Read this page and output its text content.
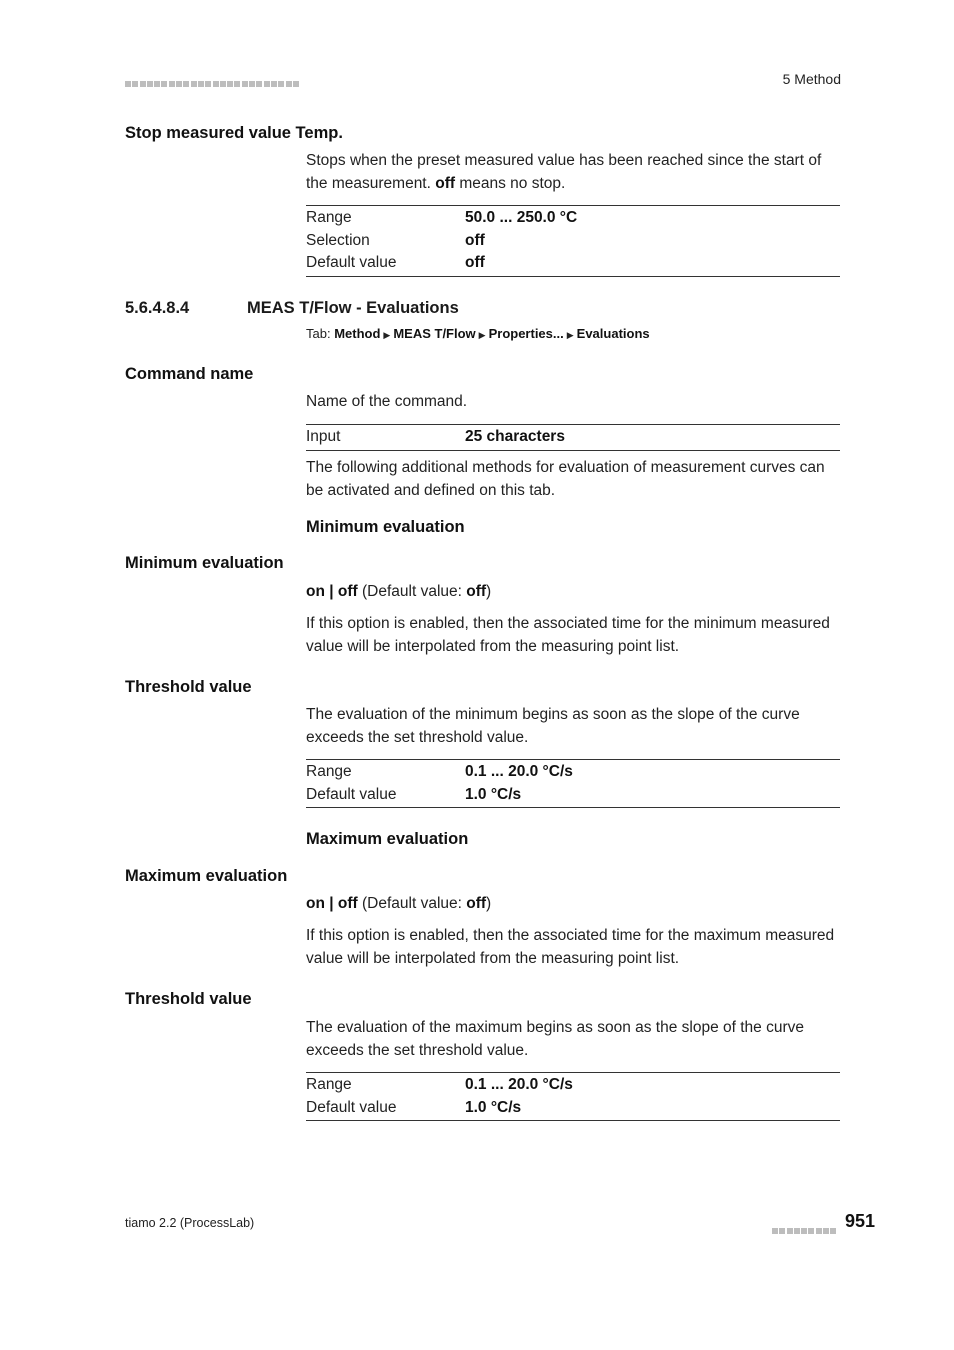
5 Method
Stop measured value Temp.
Stops when the preset measured value has been reached since the start of the measurement. off means no stop.
Range	50.0 ... 250.0 °C
Selection	off
Default value	off
5.6.4.8.4	MEAS T/Flow - Evaluations
Tab: Method ▶ MEAS T/Flow ▶ Properties... ▶ Evaluations
Command name
Name of the command.
Input	25 characters
The following additional methods for evaluation of measurement curves can be activated and defined on this tab.
Minimum evaluation
Minimum evaluation
on | off (Default value: off)
If this option is enabled, then the associated time for the minimum measured value will be interpolated from the measuring point list.
Threshold value
The evaluation of the minimum begins as soon as the slope of the curve exceeds the set threshold value.
Range	0.1 ... 20.0 °C/s
Default value	1.0 °C/s
Maximum evaluation
Maximum evaluation
on | off (Default value: off)
If this option is enabled, then the associated time for the maximum measured value will be interpolated from the measuring point list.
Threshold value
The evaluation of the maximum begins as soon as the slope of the curve exceeds the set threshold value.
Range	0.1 ... 20.0 °C/s
Default value	1.0 °C/s
tiamo 2.2 (ProcessLab)	951
